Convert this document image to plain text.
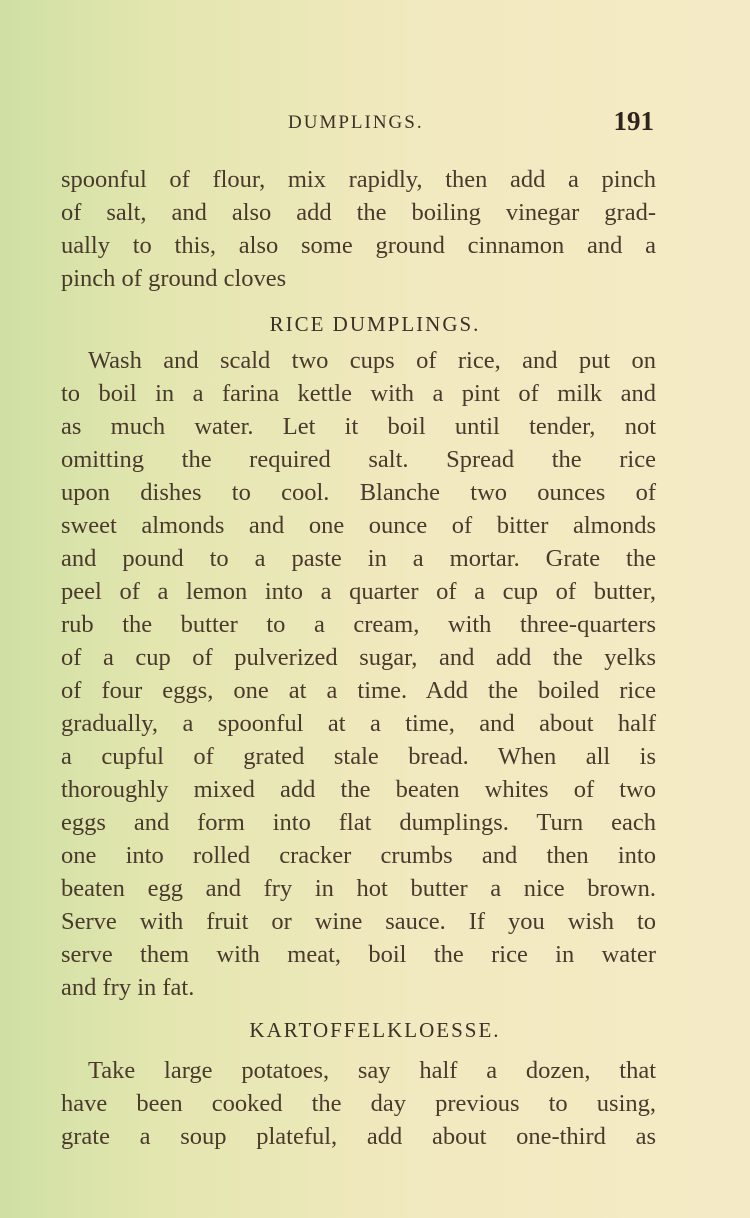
DUMPLINGS.	191
spoonful of flour, mix rapidly, then add a pinch
of salt, and also add the boiling vinegar grad-
ually to this, also some ground cinnamon and a
pinch of ground cloves
RICE DUMPLINGS.
Wash and scald two cups of rice, and put on
to boil in a farina kettle with a pint of milk and
as much water. Let it boil until tender, not
omitting the required salt. Spread the rice
upon dishes to cool. Blanche two ounces of
sweet almonds and one ounce of bitter almonds
and pound to a paste in a mortar. Grate the
peel of a lemon into a quarter of a cup of butter,
rub the butter to a cream, with three-quarters
of a cup of pulverized sugar, and add the yelks
of four eggs, one at a time. Add the boiled rice
gradually, a spoonful at a time, and about half
a cupful of grated stale bread. When all is
thoroughly mixed add the beaten whites of two
eggs and form into flat dumplings. Turn each
one into rolled cracker crumbs and then into
beaten egg and fry in hot butter a nice brown.
Serve with fruit or wine sauce. If you wish to
serve them with meat, boil the rice in water
and fry in fat.
KARTOFFELKLOESSE.
Take large potatoes, say half a dozen, that
have been cooked the day previous to using,
grate a soup plateful, add about one-third as
